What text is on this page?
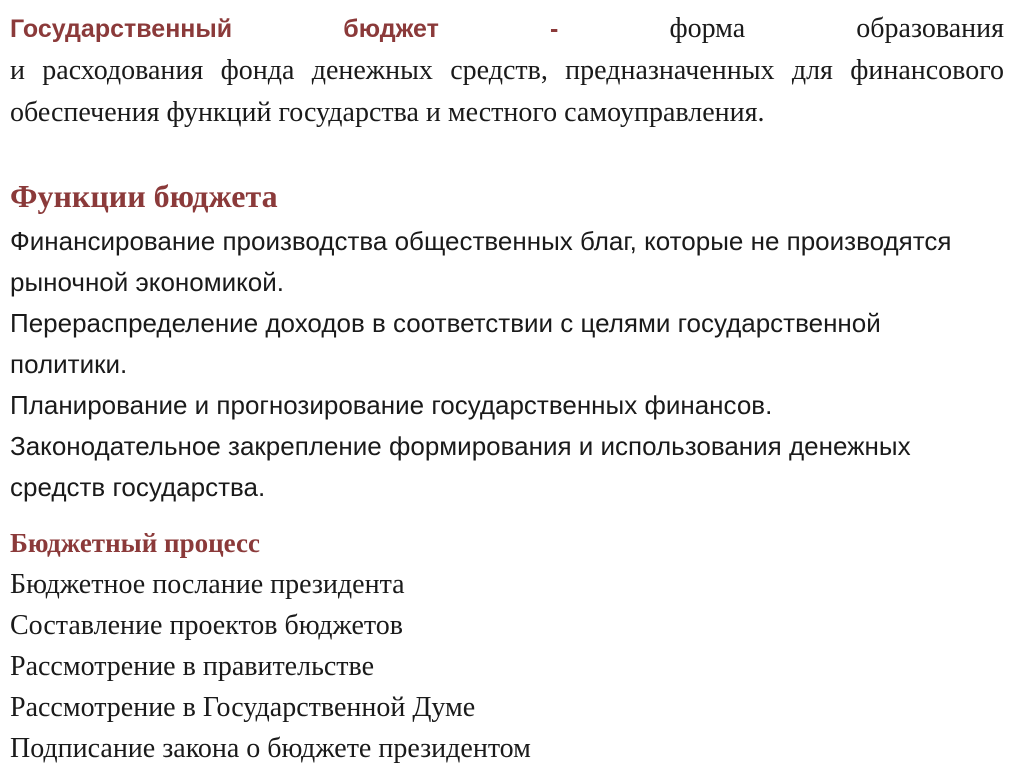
Государственный	бюджет	-	форма	образования
и расходования фонда денежных средств, предназначенных для финансового обеспечения функций государства и местного самоуправления.
Функции бюджета
Финансирование производства общественных благ, которые не производятся рыночной экономикой.
Перераспределение доходов в соответствии с целями государственной политики.
Планирование и прогнозирование государственных финансов.
Законодательное закрепление формирования и использования денежных средств государства.
Бюджетный процесс
Бюджетное послание президента
Составление проектов бюджетов
Рассмотрение в правительстве
Рассмотрение в Государственной Думе
Подписание закона о бюджете президентом
